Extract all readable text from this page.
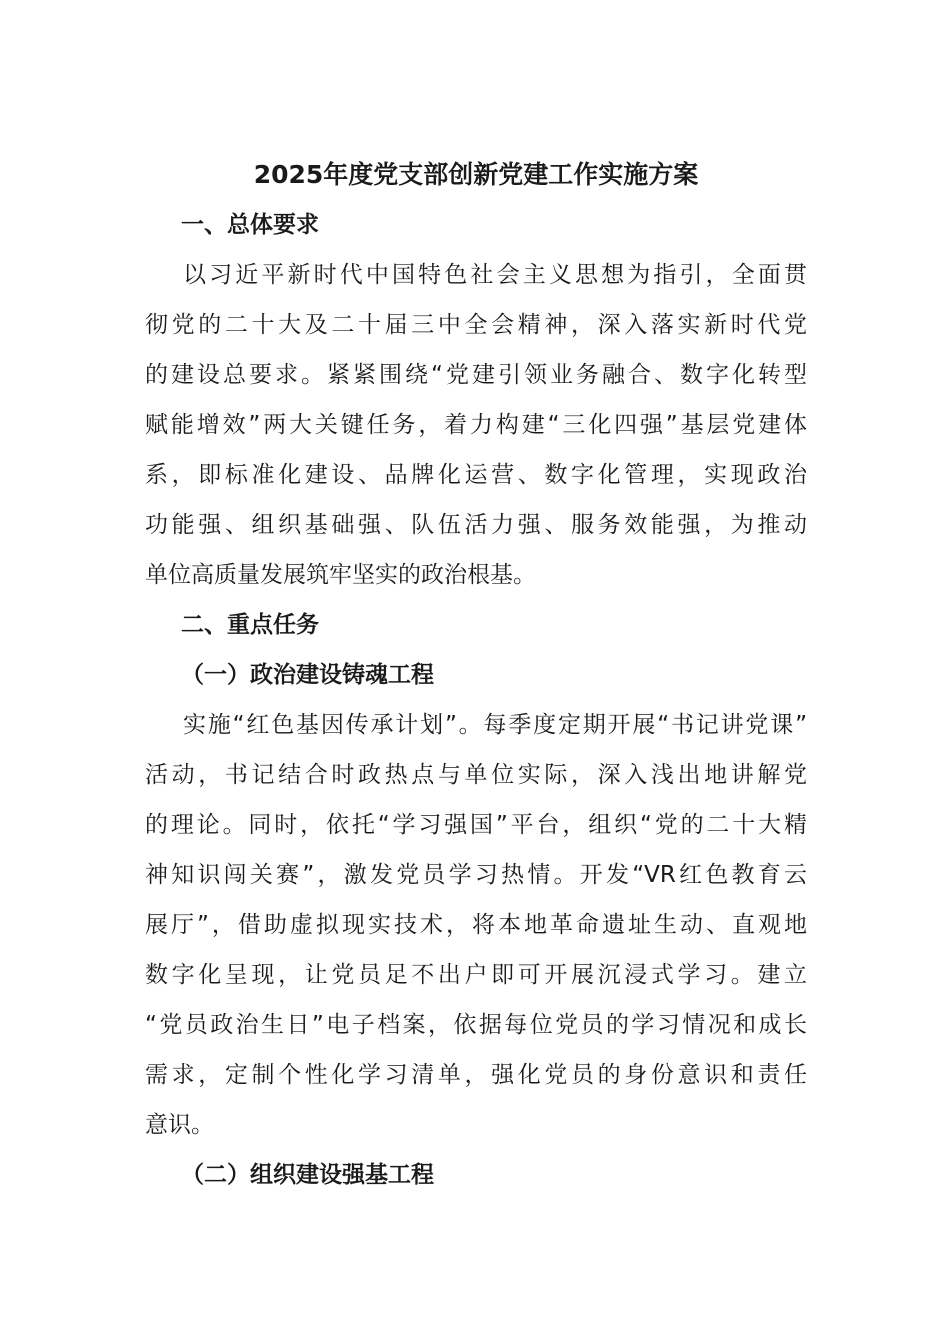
2025年度党支部创新党建工作实施方案
一、总体要求
以习近平新时代中国特色社会主义思想为指引，全面贯
彻党的二十大及二十届三中全会精神，深入落实新时代党
的建设总要求。紧紧围绕“党建引领业务融合、数字化转型
赋能增效”两大关键任务，着力构建“三化四强”基层党建体
系，即标准化建设、品牌化运营、数字化管理，实现政治
功能强、组织基础强、队伍活力强、服务效能强，为推动
单位高质量发展筑牢坚实的政治根基。
二、重点任务
（一）政治建设铸魂工程
实施“红色基因传承计划”。每季度定期开展“书记讲党课”
活动，书记结合时政热点与单位实际，深入浅出地讲解党
的理论。同时，依托“学习强国”平台，组织“党的二十大精
神知识闯关赛”，激发党员学习热情。开发“VR红色教育云
展厅”，借助虚拟现实技术，将本地革命遗址生动、直观地
数字化呈现，让党员足不出户即可开展沉浸式学习。建立
“党员政治生日”电子档案，依据每位党员的学习情况和成长
需求，定制个性化学习清单，强化党员的身份意识和责任
意识。
（二）组织建设强基工程
